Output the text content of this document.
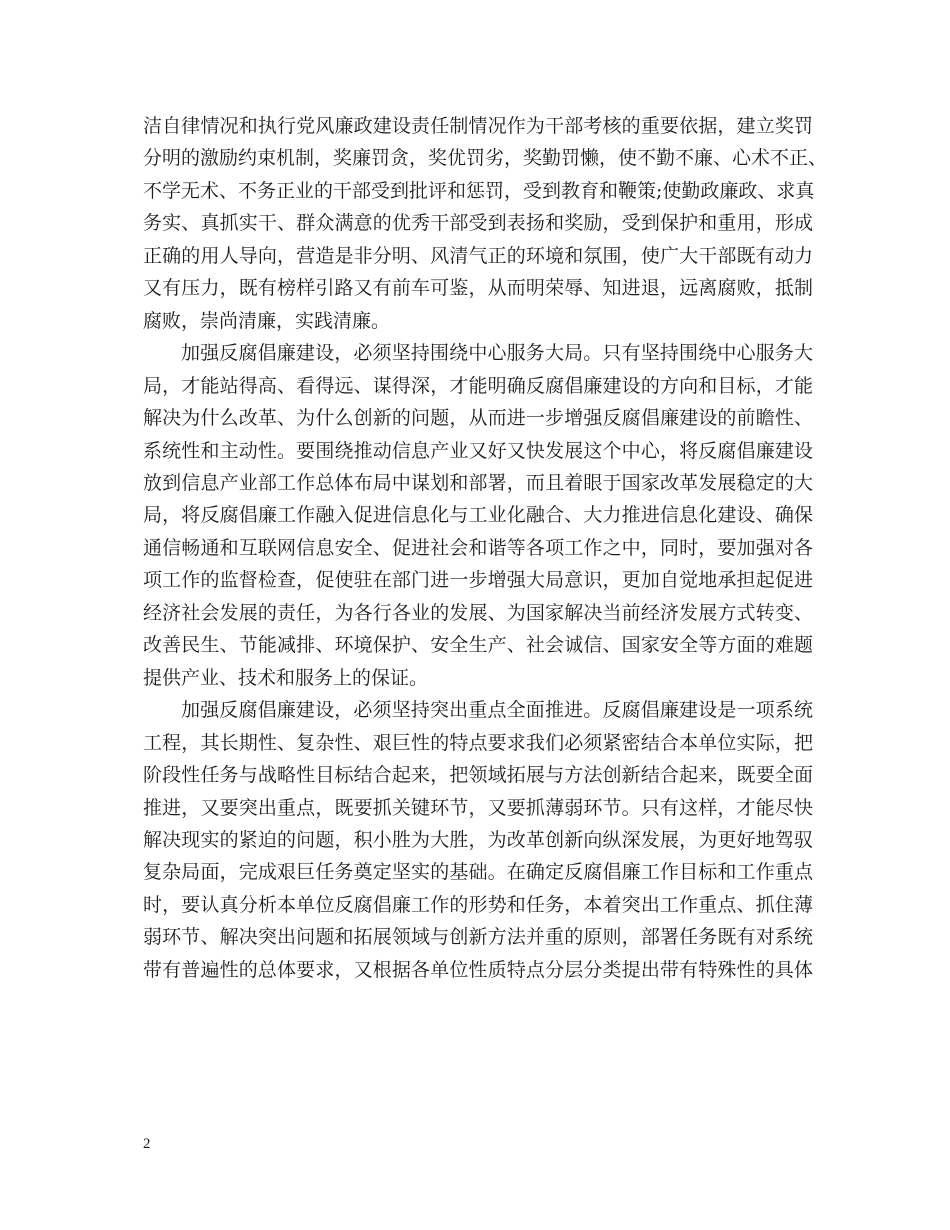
洁自律情况和执行党风廉政建设责任制情况作为干部考核的重要依据，建立奖罚
分明的激励约束机制，奖廉罚贪，奖优罚劣，奖勤罚懒，使不勤不廉、心术不正、
不学无术、不务正业的干部受到批评和惩罚，受到教育和鞭策;使勤政廉政、求真
务实、真抓实干、群众满意的优秀干部受到表扬和奖励，受到保护和重用，形成
正确的用人导向，营造是非分明、风清气正的环境和氛围，使广大干部既有动力
又有压力，既有榜样引路又有前车可鉴，从而明荣辱、知进退，远离腐败，抵制
腐败，崇尚清廉，实践清廉。
加强反腐倡廉建设，必须坚持围绕中心服务大局。只有坚持围绕中心服务大
局，才能站得高、看得远、谋得深，才能明确反腐倡廉建设的方向和目标，才能
解决为什么改革、为什么创新的问题，从而进一步增强反腐倡廉建设的前瞻性、
系统性和主动性。要围绕推动信息产业又好又快发展这个中心，将反腐倡廉建设
放到信息产业部工作总体布局中谋划和部署，而且着眼于国家改革发展稳定的大
局，将反腐倡廉工作融入促进信息化与工业化融合、大力推进信息化建设、确保
通信畅通和互联网信息安全、促进社会和谐等各项工作之中，同时，要加强对各
项工作的监督检查，促使驻在部门进一步增强大局意识，更加自觉地承担起促进
经济社会发展的责任，为各行各业的发展、为国家解决当前经济发展方式转变、
改善民生、节能减排、环境保护、安全生产、社会诚信、国家安全等方面的难题
提供产业、技术和服务上的保证。
加强反腐倡廉建设，必须坚持突出重点全面推进。反腐倡廉建设是一项系统
工程，其长期性、复杂性、艰巨性的特点要求我们必须紧密结合本单位实际，把
阶段性任务与战略性目标结合起来，把领域拓展与方法创新结合起来，既要全面
推进，又要突出重点，既要抓关键环节，又要抓薄弱环节。只有这样，才能尽快
解决现实的紧迫的问题，积小胜为大胜，为改革创新向纵深发展，为更好地驾驭
复杂局面，完成艰巨任务奠定坚实的基础。在确定反腐倡廉工作目标和工作重点
时，要认真分析本单位反腐倡廉工作的形势和任务，本着突出工作重点、抓住薄
弱环节、解决突出问题和拓展领域与创新方法并重的原则，部署任务既有对系统
带有普遍性的总体要求，又根据各单位性质特点分层分类提出带有特殊性的具体
2
